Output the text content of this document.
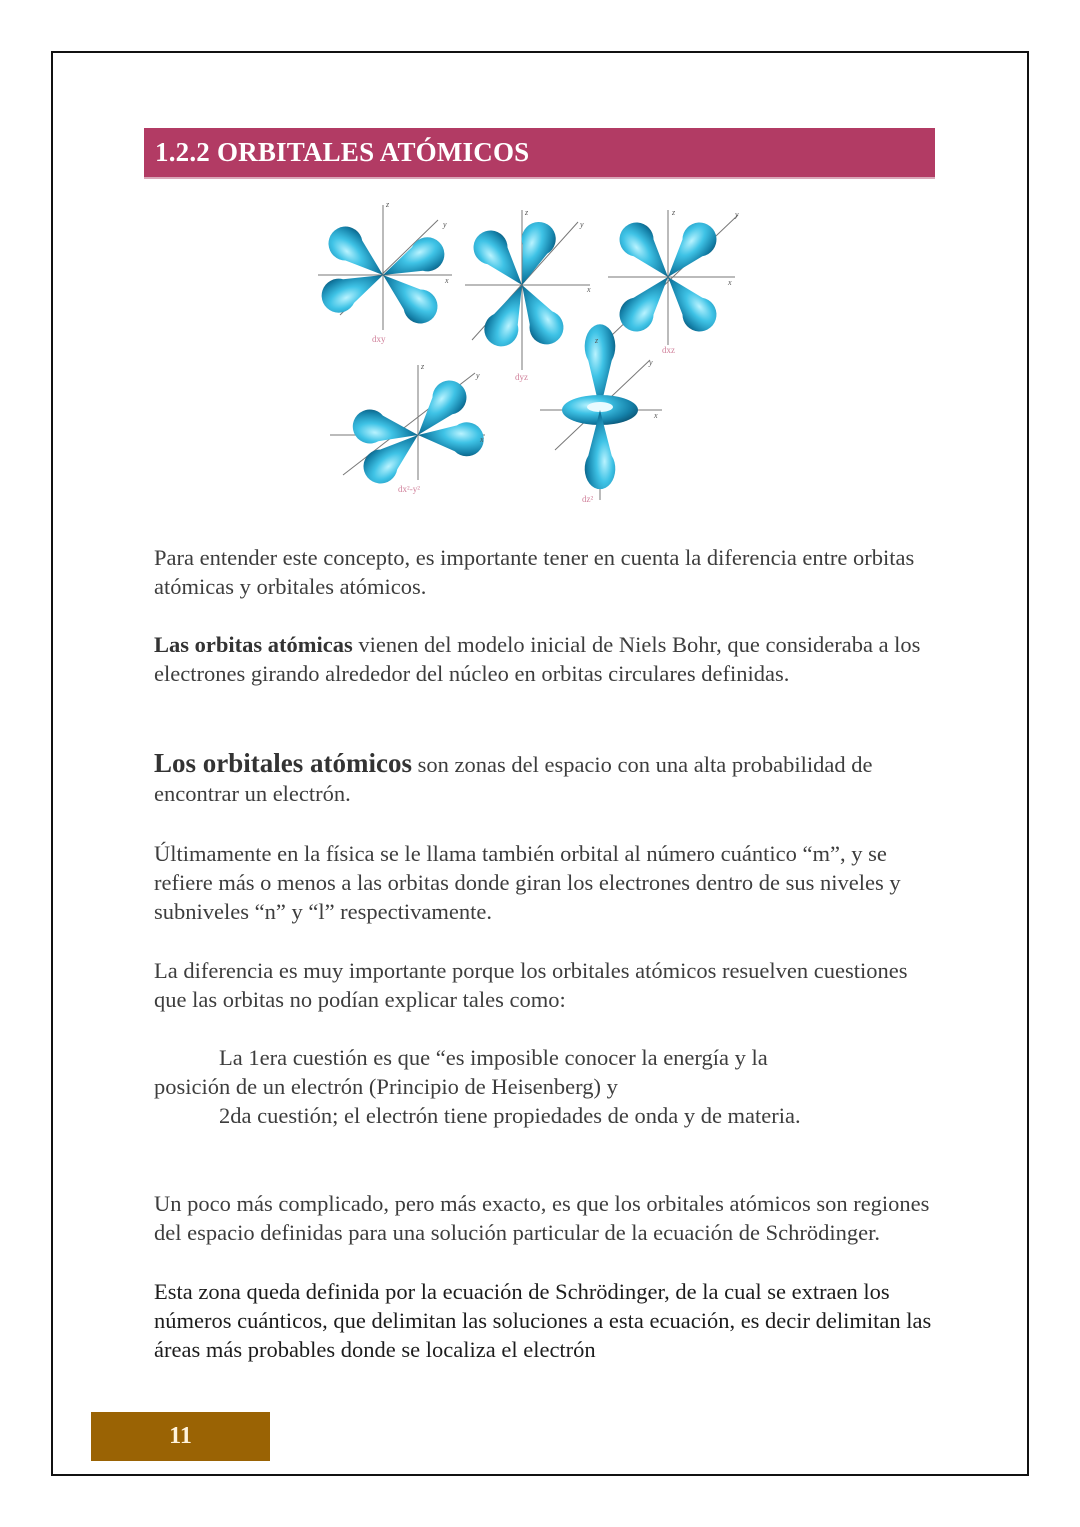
1.2.2 ORBITALES ATÓMICOS
dxy
dyz
dxz
dx²-y²
dz²
z
y
x
z
y
x
z	y
x
z
y
x
z
y
x
Para entender este concepto, es importante tener en cuenta la diferencia entre orbitas atómicas y orbitales atómicos.
Las orbitas atómicas vienen del modelo inicial de Niels Bohr, que consideraba a los electrones girando alrededor del núcleo en orbitas circulares definidas.
Los orbitales atómicos son zonas del espacio con una alta probabilidad de encontrar un electrón.
Últimamente en la física se le llama también orbital al número cuántico “m”, y se refiere más o menos a las orbitas donde giran los electrones dentro de sus niveles y subniveles “n” y “l” respectivamente.
La diferencia es muy importante porque los orbitales atómicos resuelven cuestiones que las orbitas no podían explicar tales como:
La 1era cuestión es que “es imposible conocer la energía y la
posición de un electrón (Principio de Heisenberg) y
2da cuestión; el electrón tiene propiedades de onda y de materia.
Un poco más complicado, pero más exacto, es que los orbitales atómicos son regiones del espacio definidas para una solución particular de la ecuación de Schrödinger.
Esta zona queda definida por la ecuación de Schrödinger, de la cual se extraen los números cuánticos, que delimitan las soluciones a esta ecuación, es decir delimitan las áreas más probables donde se localiza el electrón
11
